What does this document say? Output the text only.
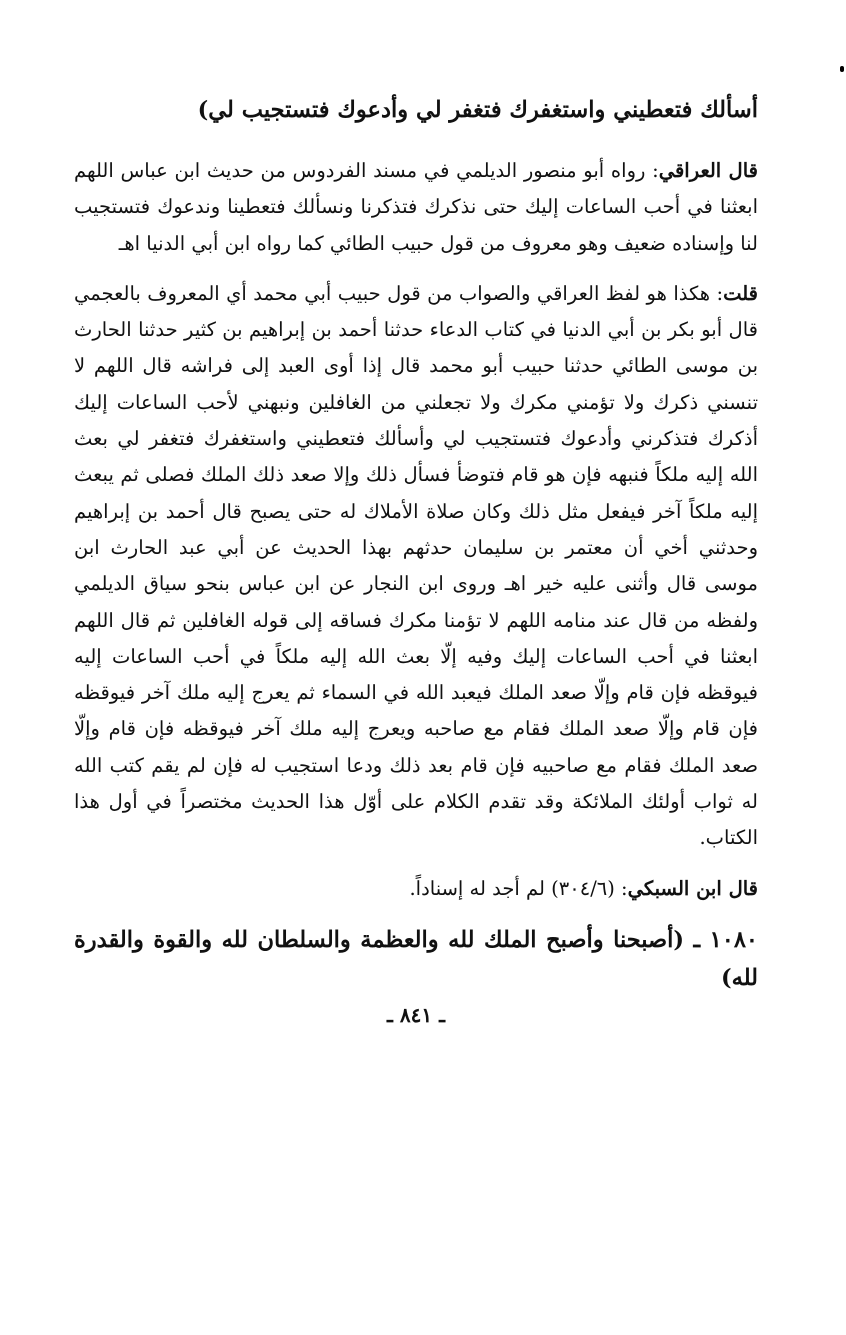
أسألك فتعطيني واستغفرك فتغفر لي وأدعوك فتستجيب لي)

قال العراقي: رواه أبو منصور الديلمي في مسند الفردوس من حديث ابن عباس اللهم ابعثنا في أحب الساعات إليك حتى نذكرك فتذكرنا ونسألك فتعطينا وندعوك فتستجيب لنا وإسناده ضعيف وهو معروف من قول حبيب الطائي كما رواه ابن أبي الدنيا اهـ

قلت: هكذا هو لفظ العراقي والصواب من قول حبيب أبي محمد أي المعروف بالعجمي قال أبو بكر بن أبي الدنيا في كتاب الدعاء حدثنا أحمد بن إبراهيم بن كثير حدثنا الحارث بن موسى الطائي حدثنا حبيب أبو محمد قال إذا أوى العبد إلى فراشه قال اللهم لا تنسني ذكرك ولا تؤمني مكرك ولا تجعلني من الغافلين ونبهني لأحب الساعات إليك أذكرك فتذكرني وأدعوك فتستجيب لي وأسألك فتعطيني واستغفرك فتغفر لي بعث الله إليه ملكاً فنبهه فإن هو قام فتوضأ فسأل ذلك وإلا صعد ذلك الملك فصلى ثم يبعث إليه ملكاً آخر فيفعل مثل ذلك وكان صلاة الأملاك له حتى يصبح قال أحمد بن إبراهيم وحدثني أخي أن معتمر بن سليمان حدثهم بهذا الحديث عن أبي عبد الحارث ابن موسى قال وأثنى عليه خير اهـ وروى ابن النجار عن ابن عباس بنحو سياق الديلمي ولفظه من قال عند منامه اللهم لا تؤمنا مكرك فساقه إلى قوله الغافلين ثم قال اللهم ابعثنا في أحب الساعات إليك وفيه إلّا بعث الله إليه ملكاً في أحب الساعات إليه فيوقظه فإن قام وإلّا صعد الملك فيعبد الله في السماء ثم يعرج إليه ملك آخر فيوقظه فإن قام وإلّا صعد الملك فقام مع صاحبه ويعرج إليه ملك آخر فيوقظه فإن قام وإلّا صعد الملك فقام مع صاحبيه فإن قام بعد ذلك ودعا استجيب له فإن لم يقم كتب الله له ثواب أولئك الملائكة وقد تقدم الكلام على أوّل هذا الحديث مختصراً في أول هذا الكتاب.

قال ابن السبكي: (٣٠٤/٦) لم أجد له إسناداً.

١٠٨٠ ـ (أصبحنا وأصبح الملك لله والعظمة والسلطان لله والقوة والقدرة لله)
ـ ٨٤١ ـ
